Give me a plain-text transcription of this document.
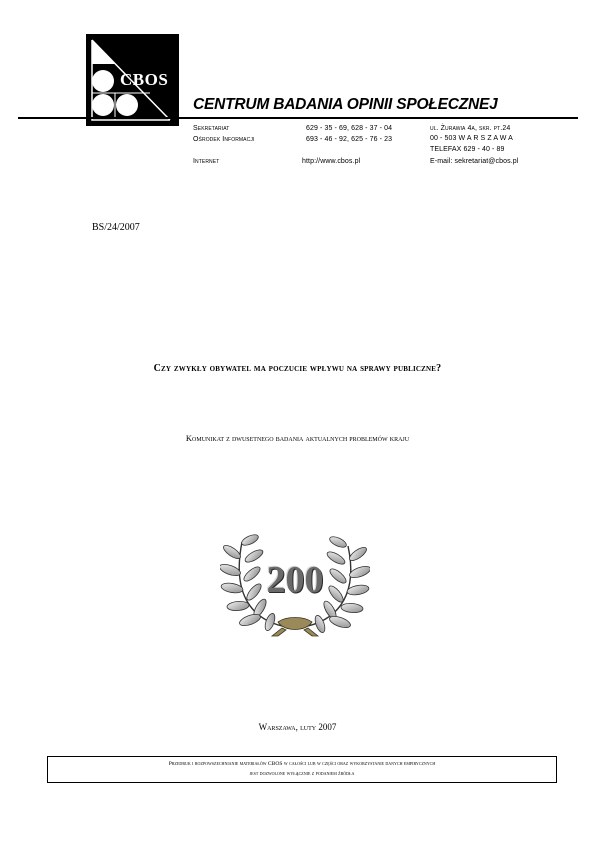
CBOS
CENTRUM BADANIA OPINII SPOŁECZNEJ
Sekretariat	629 - 35 - 69, 628 - 37 - 04
Ośrodek Informacji	693 - 46 - 92, 625 - 76 - 23
Internet	http://www.cbos.pl
ul. Żurawia 4a, skr. pt.24
00 - 503 W A R S Z A W A
TELEFAX 629 - 40 - 89
E-mail: sekretariat@cbos.pl
BS/24/2007
Czy zwykły obywatel ma poczucie wpływu na sprawy publiczne?
Komunikat z dwusetnego badania aktualnych problemów kraju
200
Warszawa, luty 2007
Przedruk i rozpowszechnianie materiałów CBOS w całości lub w części oraz wykorzystanie danych empirycznych
jest dozwolone wyłącznie z podaniem źródła
